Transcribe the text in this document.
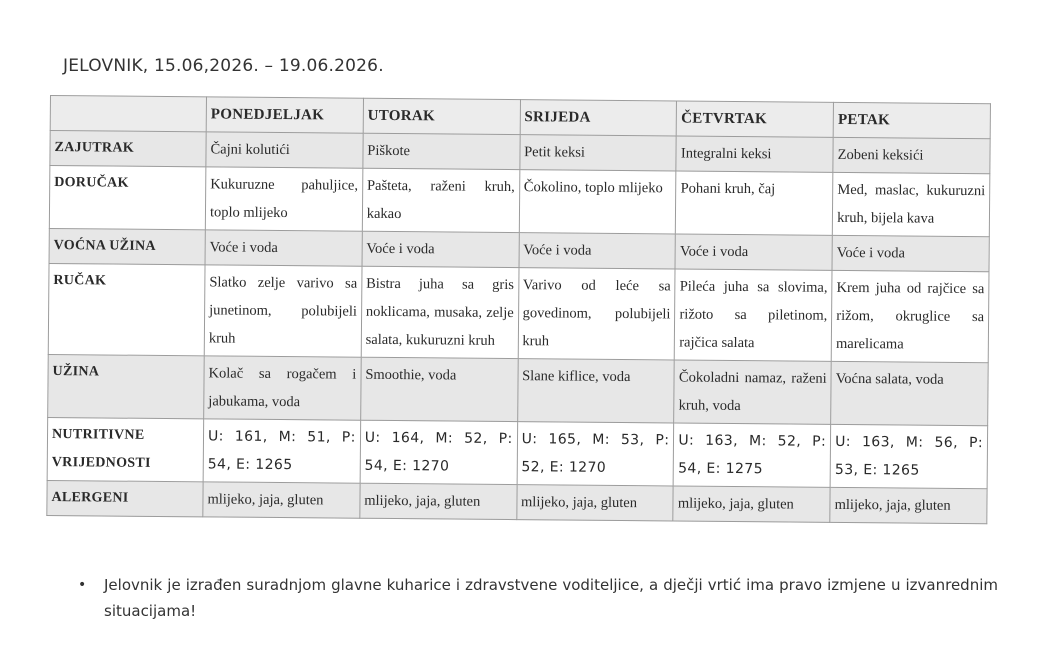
JELOVNIK, 15.06,2026. – 19.06.2026.
	PONEDJELJAK	UTORAK	SRIJEDA	ČETVRTAK	PETAK
ZAJUTRAK	Čajni kolutići	Piškote	Petit keksi	Integralni keksi	Zobeni keksići
DORUČAK	Kukuruzne pahuljice, toplo mlijeko	Pašteta, raženi kruh, kakao	Čokolino, toplo mlijeko	Pohani kruh, čaj	Med, maslac, kukuruzni kruh, bijela kava
VOĆNA UŽINA	Voće i voda	Voće i voda	Voće i voda	Voće i voda	Voće i voda
RUČAK	Slatko zelje varivo sa junetinom, polubijeli kruh	Bistra juha sa gris noklicama, musaka, zelje salata, kukuruzni kruh	Varivo od leće sa govedinom, polubijeli kruh	Pileća juha sa slovima, rižoto sa piletinom, rajčica salata	Krem juha od rajčice sa rižom, okruglice sa marelicama
UŽINA	Kolač sa rogačem i jabukama, voda	Smoothie, voda	Slane kiflice, voda	Čokoladni namaz, raženi kruh, voda	Voćna salata, voda
NUTRITIVNE VRIJEDNOSTI	U: 161, M: 51, P: 54, E: 1265	U: 164, M: 52, P: 54, E: 1270	U: 165, M: 53, P: 52, E: 1270	U: 163, M: 52, P: 54, E: 1275	U: 163, M: 56, P: 53, E: 1265
ALERGENI	mlijeko, jaja, gluten	mlijeko, jaja, gluten	mlijeko, jaja, gluten	mlijeko, jaja, gluten	mlijeko, jaja, gluten
•	Jelovnik je izrađen suradnjom glavne kuharice i zdravstvene voditeljice, a dječji vrtić ima pravo izmjene u izvanrednim situacijama!
